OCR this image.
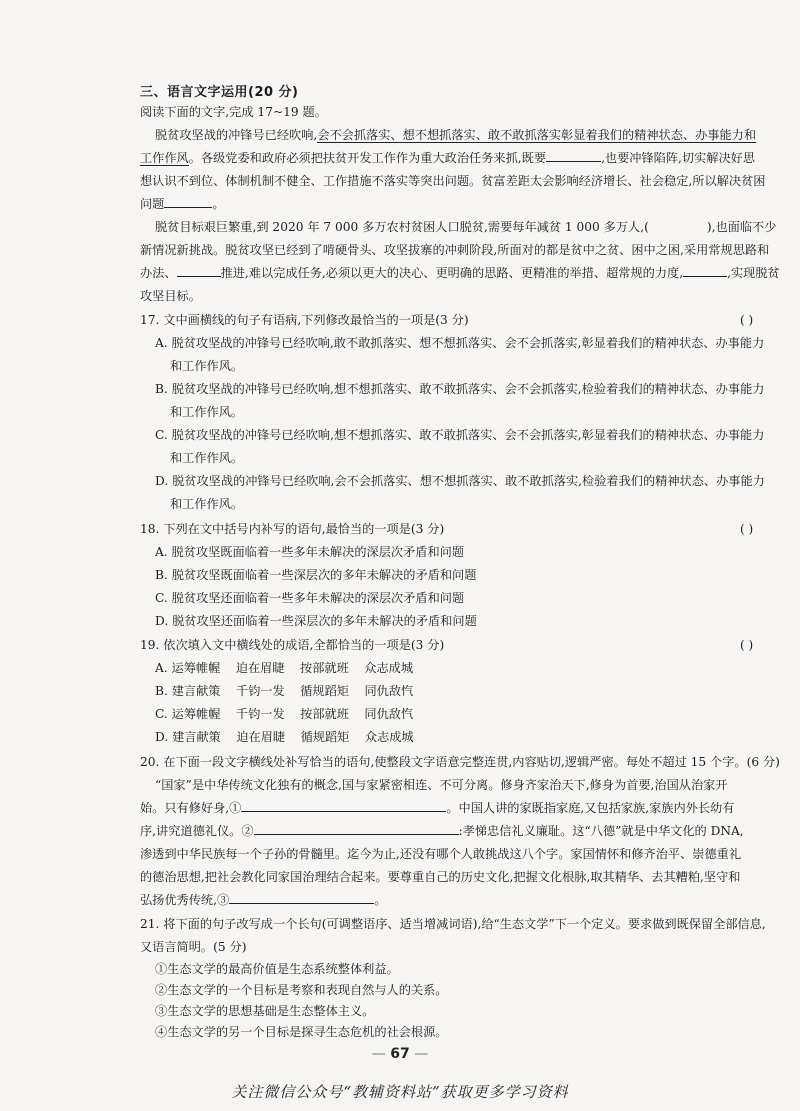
三、语言文字运用(20 分)
阅读下面的文字,完成 17~19 题。
脱贫攻坚战的冲锋号已经吹响,会不会抓落实、想不想抓落实、敢不敢抓落实彰显着我们的精神状态、办事能力和
工作作风。各级党委和政府必须把扶贫开发工作作为重大政治任务来抓,既要	,也要冲锋陷阵,切实解决好思
想认识不到位、体制机制不健全、工作措施不落实等突出问题。贫富差距太会影响经济增长、社会稳定,所以解决贫困
问题	。
脱贫目标艰巨繁重,到 2020 年 7 000 多万农村贫困人口脱贫,需要每年减贫 1 000 多万人,(	),也面临不少
新情况新挑战。脱贫攻坚已经到了啃硬骨头、攻坚拔寨的冲刺阶段,所面对的都是贫中之贫、困中之困,采用常规思路和
办法、	推进,难以完成任务,必须以更大的决心、更明确的思路、更精准的举措、超常规的力度,	,实现脱贫
攻坚目标。
17. 文中画横线的句子有语病,下列修改最恰当的一项是(3 分)	( )
A. 脱贫攻坚战的冲锋号已经吹响,敢不敢抓落实、想不想抓落实、会不会抓落实,彰显着我们的精神状态、办事能力
和工作作风。
B. 脱贫攻坚战的冲锋号已经吹响,想不想抓落实、敢不敢抓落实、会不会抓落实,检验着我们的精神状态、办事能力
和工作作风。
C. 脱贫攻坚战的冲锋号已经吹响,想不想抓落实、敢不敢抓落实、会不会抓落实,彰显着我们的精神状态、办事能力
和工作作风。
D. 脱贫攻坚战的冲锋号已经吹响,会不会抓落实、想不想抓落实、敢不敢抓落实,检验着我们的精神状态、办事能力
和工作作风。
18. 下列在文中括号内补写的语句,最恰当的一项是(3 分)	( )
A. 脱贫攻坚既面临着一些多年未解决的深层次矛盾和问题
B. 脱贫攻坚既面临着一些深层次的多年未解决的矛盾和问题
C. 脱贫攻坚还面临着一些多年未解决的深层次矛盾和问题
D. 脱贫攻坚还面临着一些深层次的多年未解决的矛盾和问题
19. 依次填入文中横线处的成语,全都恰当的一项是(3 分)	( )
A. 运筹帷幄    迫在眉睫    按部就班    众志成城
B. 建言献策    千钧一发    循规蹈矩    同仇敌忾
C. 运筹帷幄    千钧一发    按部就班    同仇敌忾
D. 建言献策    迫在眉睫    循规蹈矩    众志成城
20. 在下面一段文字横线处补写恰当的语句,使整段文字语意完整连贯,内容贴切,逻辑严密。每处不超过 15 个字。(6 分)
“国家”是中华传统文化独有的概念,国与家紧密相连、不可分离。修身齐家治天下,修身为首要,治国从治家开
始。只有修好身,①	。中国人讲的家既指家庭,又包括家族,家族内外长幼有
序,讲究道德礼仪。②	:孝悌忠信礼义廉耻。这“八德”就是中华文化的 DNA,
渗透到中华民族每一个子孙的骨髓里。迄今为止,还没有哪个人敢挑战这八个字。家国情怀和修齐治平、崇德重礼
的德治思想,把社会教化同家国治理结合起来。要尊重自己的历史文化,把握文化根脉,取其精华、去其糟粕,坚守和
弘扬优秀传统,③	。
21. 将下面的句子改写成一个长句(可调整语序、适当增减词语),给“生态文学”下一个定义。要求做到既保留全部信息,
又语言简明。(5 分)
①生态文学的最高价值是生态系统整体利益。
②生态文学的一个目标是考察和表现自然与人的关系。
③生态文学的思想基础是生态整体主义。
④生态文学的另一个目标是探寻生态危机的社会根源。
— 67 —
关注微信公众号“教辅资料站”获取更多学习资料
